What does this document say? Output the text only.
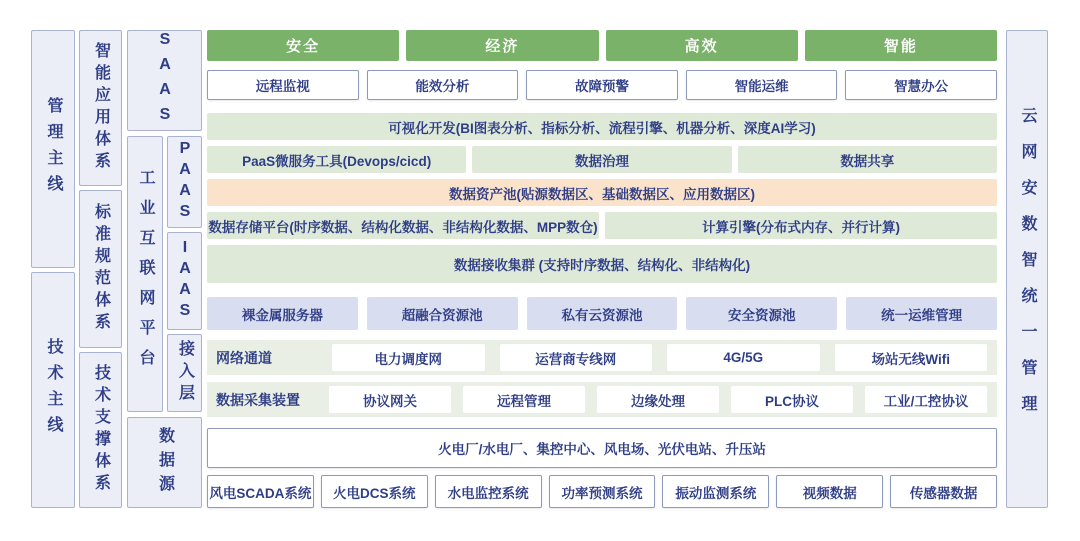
管理主线
技术主线
智能应用体系
标准规范体系
技术支撑体系
SAAS
工业互联网平台 PAAS
IAAS
接入层
数据源
云网安数智统一管理
安全	经济	高效	智能
远程监视	能效分析	故障预警	智能运维	智慧办公
可视化开发(BI图表分析、指标分析、流程引擎、机器分析、深度AI学习)
PaaS微服务工具(Devops/cicd)	数据治理	数据共享
数据资产池(贴源数据区、基础数据区、应用数据区)
数据存储平台(时序数据、结构化数据、非结构化数据、MPP数仓)	计算引擎(分布式内存、并行计算)
数据接收集群 (支持时序数据、结构化、非结构化)
裸金属服务器	超融合资源池	私有云资源池	安全资源池	统一运维管理
网络通道	电力调度网	运营商专线网	4G/5G	场站无线Wifi
数据采集装置	协议网关	远程管理	边缘处理	PLC协议	工业/工控协议
火电厂/水电厂、集控中心、风电场、光伏电站、升压站
风电SCADA系统	火电DCS系统	水电监控系统	功率预测系统	振动监测系统	视频数据	传感器数据
